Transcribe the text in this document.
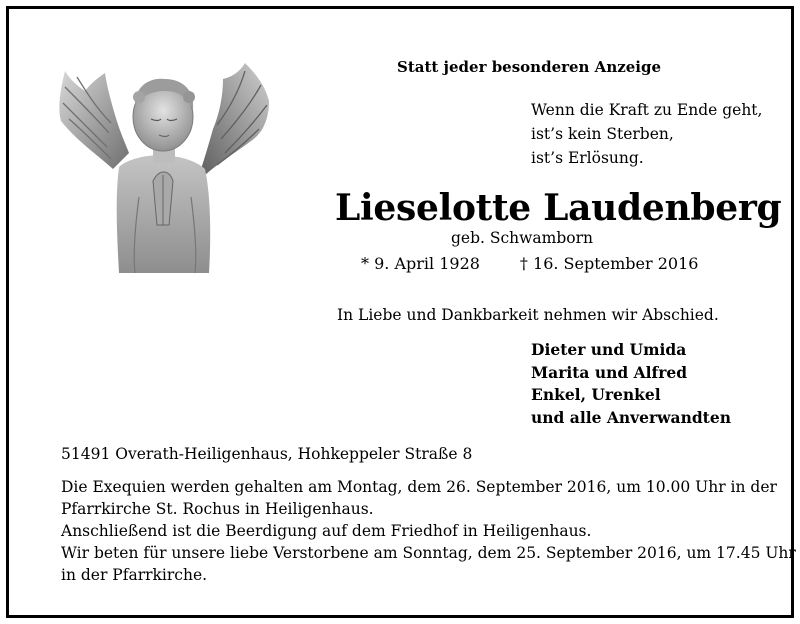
Statt jeder besonderen Anzeige
Wenn die Kraft zu Ende geht,
ist’s kein Sterben,
ist’s Erlösung.
Lieselotte Laudenberg
geb. Schwamborn
* 9. April 1928	† 16. September 2016
In Liebe und Dankbarkeit nehmen wir Abschied.
Dieter und Umida
Marita und Alfred
Enkel, Urenkel
und alle Anverwandten
51491 Overath-Heiligenhaus, Hohkeppeler Straße 8
Die Exequien werden gehalten am Montag, dem 26. September 2016, um 10.00 Uhr in der
Pfarrkirche St. Rochus in Heiligenhaus.
Anschließend ist die Beerdigung auf dem Friedhof in Heiligenhaus.
Wir beten für unsere liebe Verstorbene am Sonntag, dem 25. September 2016, um 17.45 Uhr
in der Pfarrkirche.
